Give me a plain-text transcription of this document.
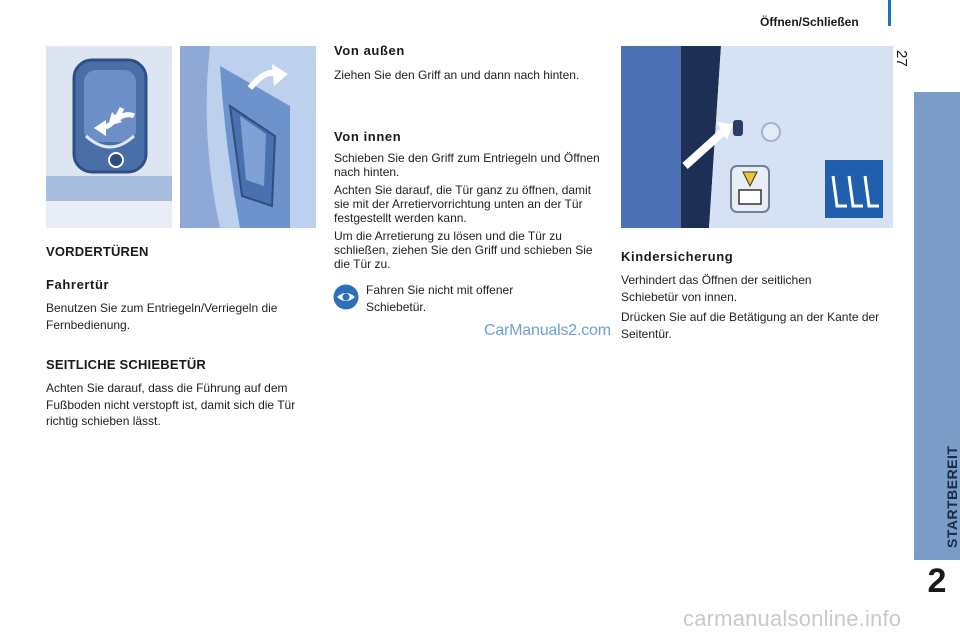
Öffnen/Schließen
27
STARTBEREIT
2
VORDERTÜREN
Fahrertür
Benutzen Sie zum Entriegeln/Verriegeln die Fernbedienung.
SEITLICHE SCHIEBETÜR
Achten Sie darauf, dass die Führung auf dem Fußboden nicht verstopft ist, damit sich die Tür richtig schieben lässt.
Von außen
Ziehen Sie den Griff an und dann nach hinten.
Von innen
Schieben Sie den Griff zum Entriegeln und Öffnen nach hinten.
Achten Sie darauf, die Tür ganz zu öffnen, damit sie mit der Arretiervorrichtung unten an der Tür festgestellt werden kann.
Um die Arretierung zu lösen und die Tür zu schließen, ziehen Sie den Griff und schieben Sie die Tür zu.
Fahren Sie nicht mit offener Schiebetür.
CarManuals2.com
Kindersicherung
Verhindert das Öffnen der seitlichen Schiebetür von innen.
Drücken Sie auf die Betätigung an der Kante der Seitentür.
carmanualsonline.info
